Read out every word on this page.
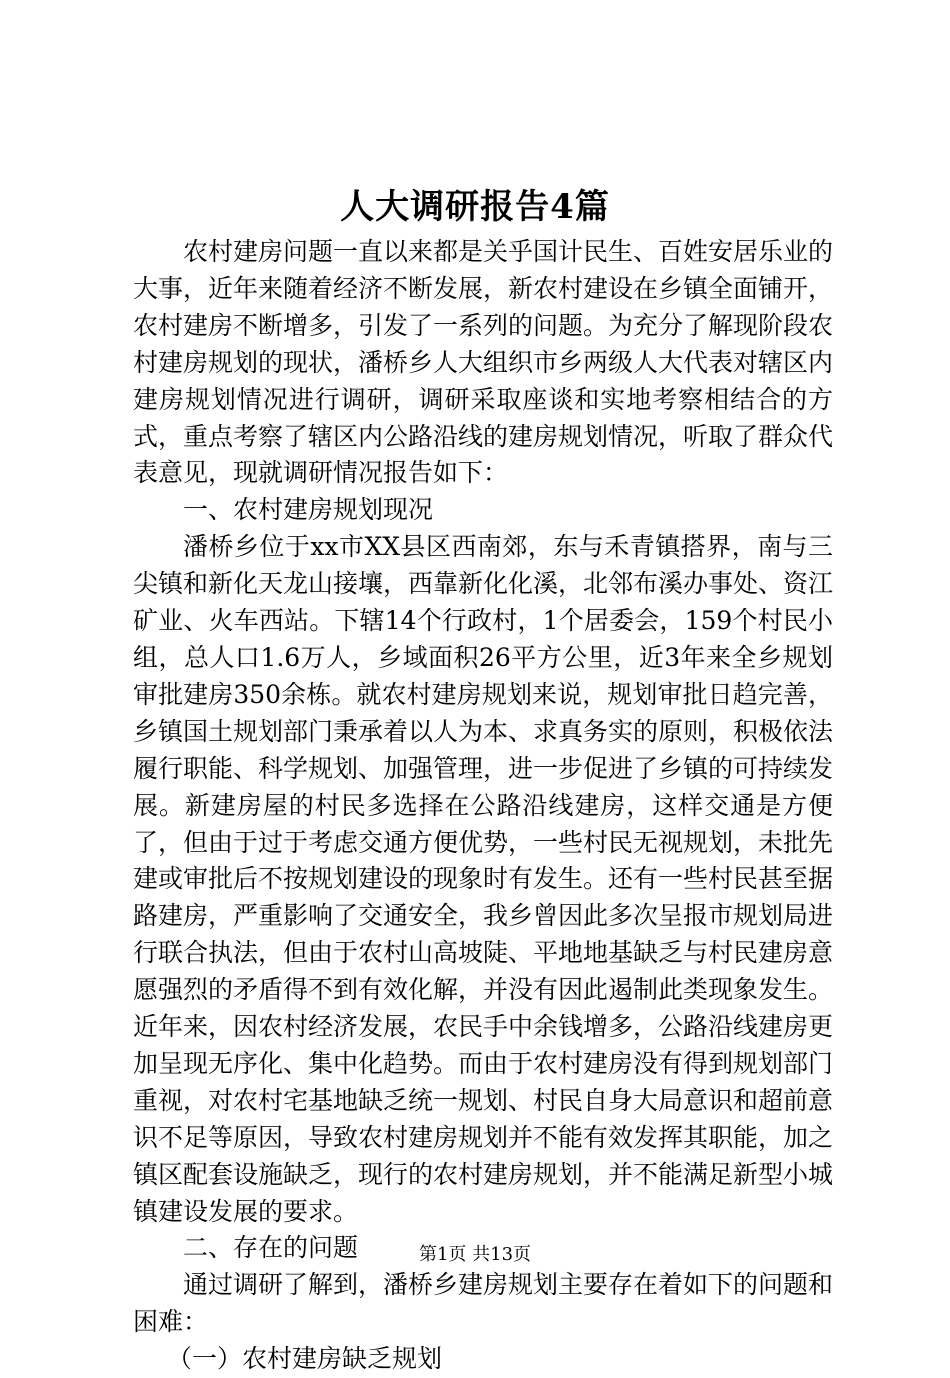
人大调研报告4篇

农村建房问题一直以来都是关乎国计民生、百姓安居乐业的大事，近年来随着经济不断发展，新农村建设在乡镇全面铺开，农村建房不断增多，引发了一系列的问题。为充分了解现阶段农村建房规划的现状，潘桥乡人大组织市乡两级人大代表对辖区内建房规划情况进行调研，调研采取座谈和实地考察相结合的方式，重点考察了辖区内公路沿线的建房规划情况，听取了群众代表意见，现就调研情况报告如下：

一、农村建房规划现况

潘桥乡位于xx市XX县区西南郊，东与禾青镇搭界，南与三尖镇和新化天龙山接壤，西靠新化化溪，北邻布溪办事处、资江矿业、火车西站。下辖14个行政村，1个居委会，159个村民小组，总人口1.6万人，乡域面积26平方公里，近3年来全乡规划审批建房350余栋。就农村建房规划来说，规划审批日趋完善，乡镇国土规划部门秉承着以人为本、求真务实的原则，积极依法履行职能、科学规划、加强管理，进一步促进了乡镇的可持续发展。新建房屋的村民多选择在公路沿线建房，这样交通是方便了，但由于过于考虑交通方便优势，一些村民无视规划，未批先建或审批后不按规划建设的现象时有发生。还有一些村民甚至据路建房，严重影响了交通安全，我乡曾因此多次呈报市规划局进行联合执法，但由于农村山高坡陡、平地地基缺乏与村民建房意愿强烈的矛盾得不到有效化解，并没有因此遏制此类现象发生。近年来，因农村经济发展，农民手中余钱增多，公路沿线建房更加呈现无序化、集中化趋势。而由于农村建房没有得到规划部门重视，对农村宅基地缺乏统一规划、村民自身大局意识和超前意识不足等原因，导致农村建房规划并不能有效发挥其职能，加之镇区配套设施缺乏，现行的农村建房规划，并不能满足新型小城镇建设发展的要求。

二、存在的问题

通过调研了解到，潘桥乡建房规划主要存在着如下的问题和困难：

（一）农村建房缺乏规划

第1页 共13页
